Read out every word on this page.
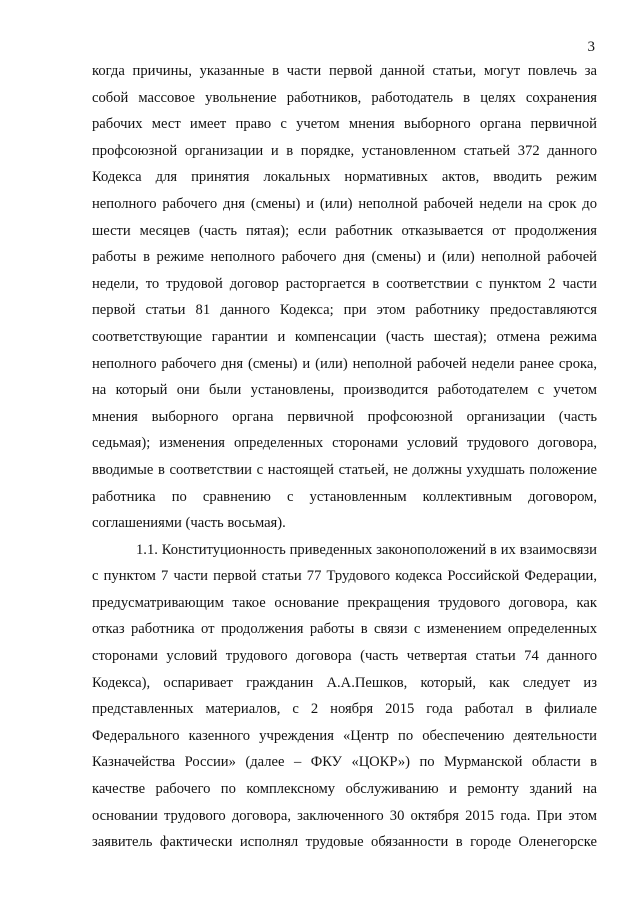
3
когда причины, указанные в части первой данной статьи, могут повлечь за
собой массовое увольнение работников, работодатель в целях сохранения
рабочих мест имеет право с учетом мнения выборного органа первичной
профсоюзной организации и в порядке, установленном статьей 372 данного
Кодекса для принятия локальных нормативных актов, вводить режим
неполного рабочего дня (смены) и (или) неполной рабочей недели на срок до
шести месяцев (часть пятая); если работник отказывается от продолжения
работы в режиме неполного рабочего дня (смены) и (или) неполной рабочей
недели, то трудовой договор расторгается в соответствии с пунктом 2 части
первой статьи 81 данного Кодекса; при этом работнику предоставляются
соответствующие гарантии и компенсации (часть шестая); отмена режима
неполного рабочего дня (смены) и (или) неполной рабочей недели ранее срока,
на который они были установлены, производится работодателем с учетом
мнения выборного органа первичной профсоюзной организации (часть
седьмая); изменения определенных сторонами условий трудового договора,
вводимые в соответствии с настоящей статьей, не должны ухудшать положение
работника по сравнению с установленным коллективным договором,
соглашениями (часть восьмая).
1.1. Конституционность приведенных законоположений в их взаимосвязи
с пунктом 7 части первой статьи 77 Трудового кодекса Российской Федерации,
предусматривающим такое основание прекращения трудового договора, как
отказ работника от продолжения работы в связи с изменением определенных
сторонами условий трудового договора (часть четвертая статьи 74 данного
Кодекса), оспаривает гражданин А.А.Пешков, который, как следует из
представленных материалов, с 2 ноября 2015 года работал в филиале
Федерального казенного учреждения «Центр по обеспечению деятельности
Казначейства России» (далее – ФКУ «ЦОКР») по Мурманской области в
качестве рабочего по комплексному обслуживанию и ремонту зданий на
основании трудового договора, заключенного 30 октября 2015 года. При этом
заявитель фактически исполнял трудовые обязанности в городе Оленегорске
